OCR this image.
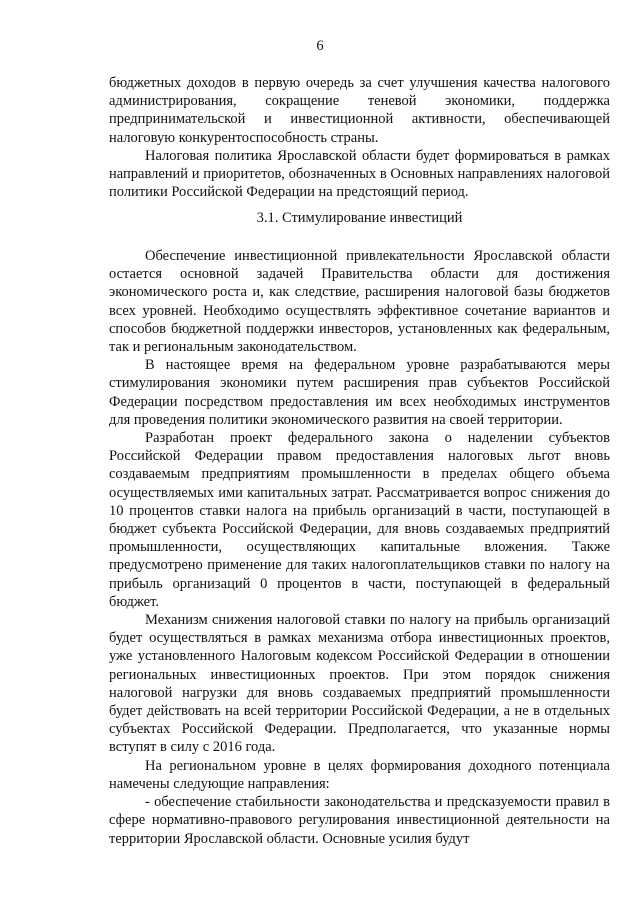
6

бюджетных доходов в первую очередь за счет улучшения качества налогового администрирования, сокращение теневой экономики, поддержка предпринимательской и инвестиционной активности, обеспечивающей налоговую конкурентоспособность страны.

Налоговая политика Ярославской области будет формироваться в рамках направлений и приоритетов, обозначенных в Основных направлениях налоговой политики Российской Федерации на предстоящий период.

3.1. Стимулирование инвестиций

Обеспечение инвестиционной привлекательности Ярославской области остается основной задачей Правительства области для достижения экономического роста и, как следствие, расширения налоговой базы бюджетов всех уровней. Необходимо осуществлять эффективное сочетание вариантов и способов бюджетной поддержки инвесторов, установленных как федеральным, так и региональным законодательством.

В настоящее время на федеральном уровне разрабатываются меры стимулирования экономики путем расширения прав субъектов Российской Федерации посредством предоставления им всех необходимых инструментов для проведения политики экономического развития на своей территории.

Разработан проект федерального закона о наделении субъектов Российской Федерации правом предоставления налоговых льгот вновь создаваемым предприятиям промышленности в пределах общего объема осуществляемых ими капитальных затрат. Рассматривается вопрос снижения до 10 процентов ставки налога на прибыль организаций в части, поступающей в бюджет субъекта Российской Федерации, для вновь создаваемых предприятий промышленности, осуществляющих капитальные вложения. Также предусмотрено применение для таких налогоплательщиков ставки по налогу на прибыль организаций 0 процентов в части, поступающей в федеральный бюджет.

Механизм снижения налоговой ставки по налогу на прибыль организаций будет осуществляться в рамках механизма отбора инвестиционных проектов, уже установленного Налоговым кодексом Российской Федерации в отношении региональных инвестиционных проектов. При этом порядок снижения налоговой нагрузки для вновь создаваемых предприятий промышленности будет действовать на всей территории Российской Федерации, а не в отдельных субъектах Российской Федерации. Предполагается, что указанные нормы вступят в силу с 2016 года.

На региональном уровне в целях формирования доходного потенциала намечены следующие направления:

- обеспечение стабильности законодательства и предсказуемости правил в сфере нормативно-правового регулирования инвестиционной деятельности на территории Ярославской области. Основные усилия будут
